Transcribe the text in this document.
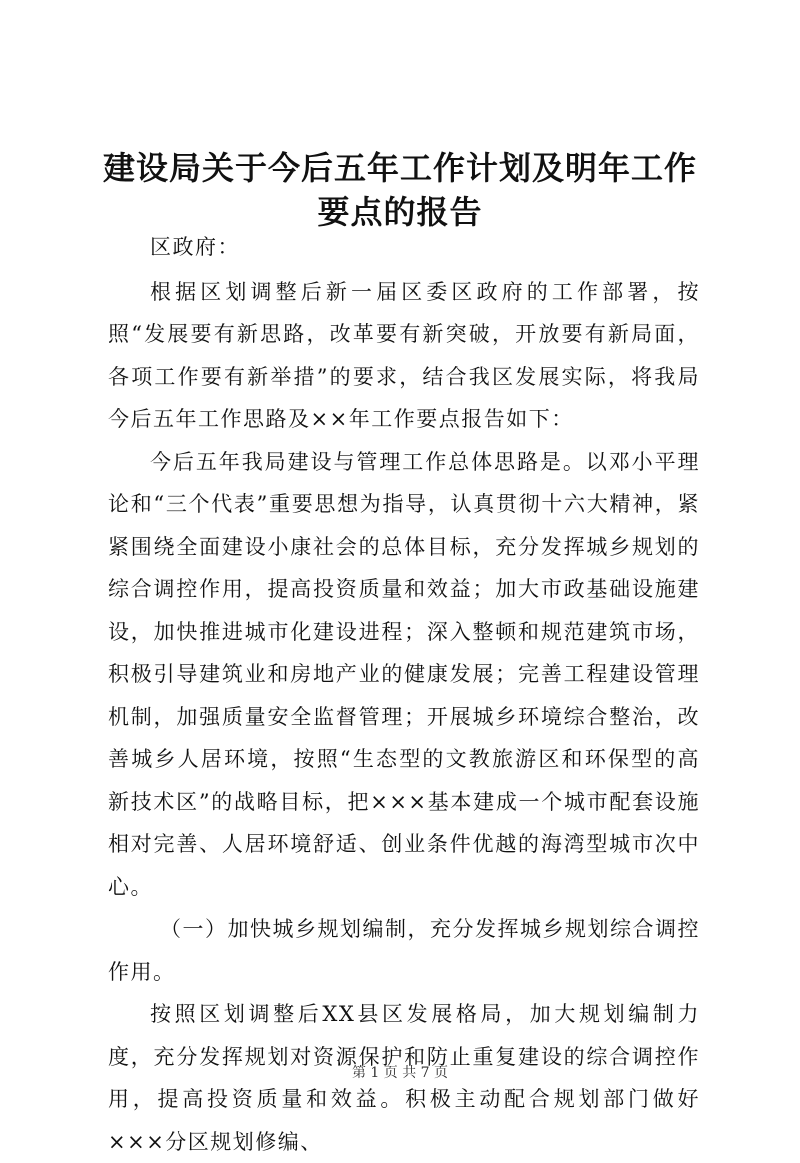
建设局关于今后五年工作计划及明年工作要点的报告

区政府：

根据区划调整后新一届区委区政府的工作部署，按照“发展要有新思路，改革要有新突破，开放要有新局面，各项工作要有新举措”的要求，结合我区发展实际，将我局今后五年工作思路及××年工作要点报告如下：

今后五年我局建设与管理工作总体思路是。以邓小平理论和“三个代表”重要思想为指导，认真贯彻十六大精神，紧紧围绕全面建设小康社会的总体目标，充分发挥城乡规划的综合调控作用，提高投资质量和效益；加大市政基础设施建设，加快推进城市化建设进程；深入整顿和规范建筑市场，积极引导建筑业和房地产业的健康发展；完善工程建设管理机制，加强质量安全监督管理；开展城乡环境综合整治，改善城乡人居环境，按照“生态型的文教旅游区和环保型的高新技术区”的战略目标，把×××基本建成一个城市配套设施相对完善、人居环境舒适、创业条件优越的海湾型城市次中心。

（一）加快城乡规划编制，充分发挥城乡规划综合调控作用。

按照区划调整后XX县区发展格局，加大规划编制力度，充分发挥规划对资源保护和防止重复建设的综合调控作用，提高投资质量和效益。积极主动配合规划部门做好×××分区规划修编、

第 1 页 共 7 页
